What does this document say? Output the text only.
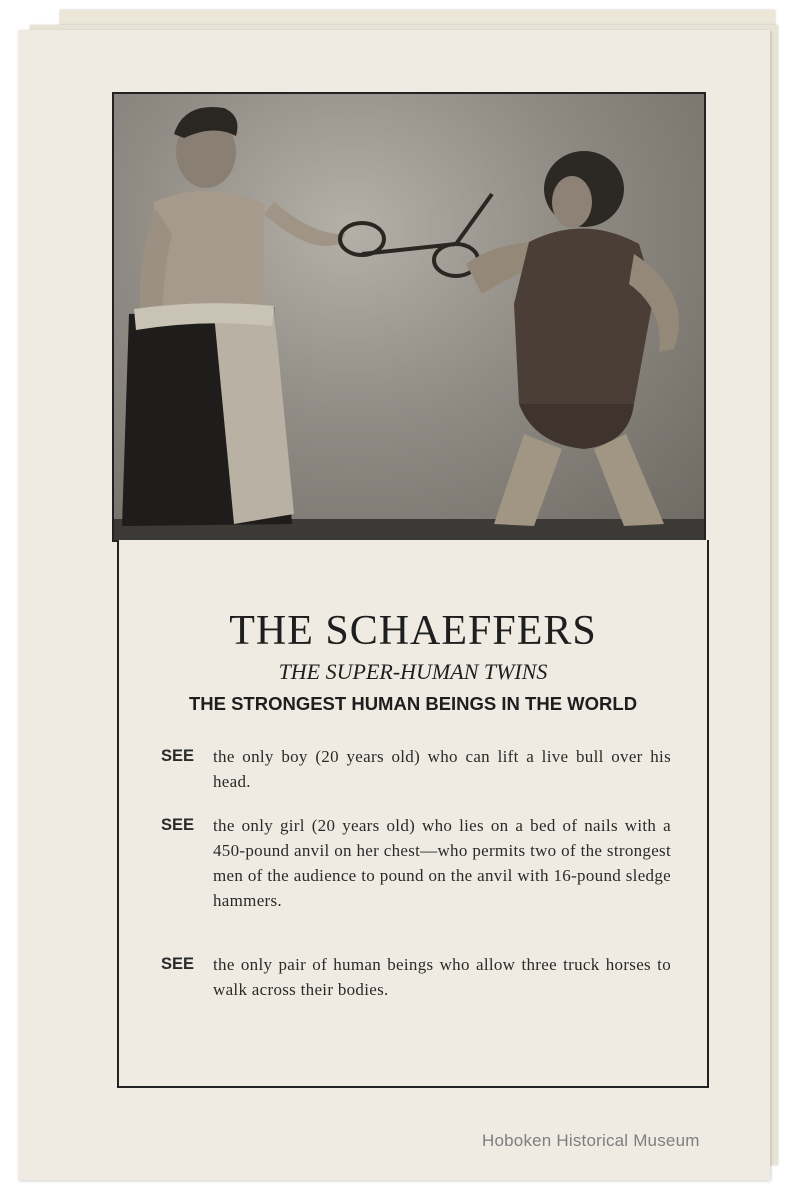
THE SCHAEFFERS
THE SUPER-HUMAN TWINS
THE STRONGEST HUMAN BEINGS IN THE WORLD
SEE	the only boy (20 years old) who can lift a live bull over his head.
SEE	the only girl (20 years old) who lies on a bed of nails with a 450-pound anvil on her chest—who permits two of the strongest men of the audience to pound on the anvil with 16-pound sledge hammers.
SEE	the only pair of human beings who allow three truck horses to walk across their bodies.
Hoboken Historical Museum
